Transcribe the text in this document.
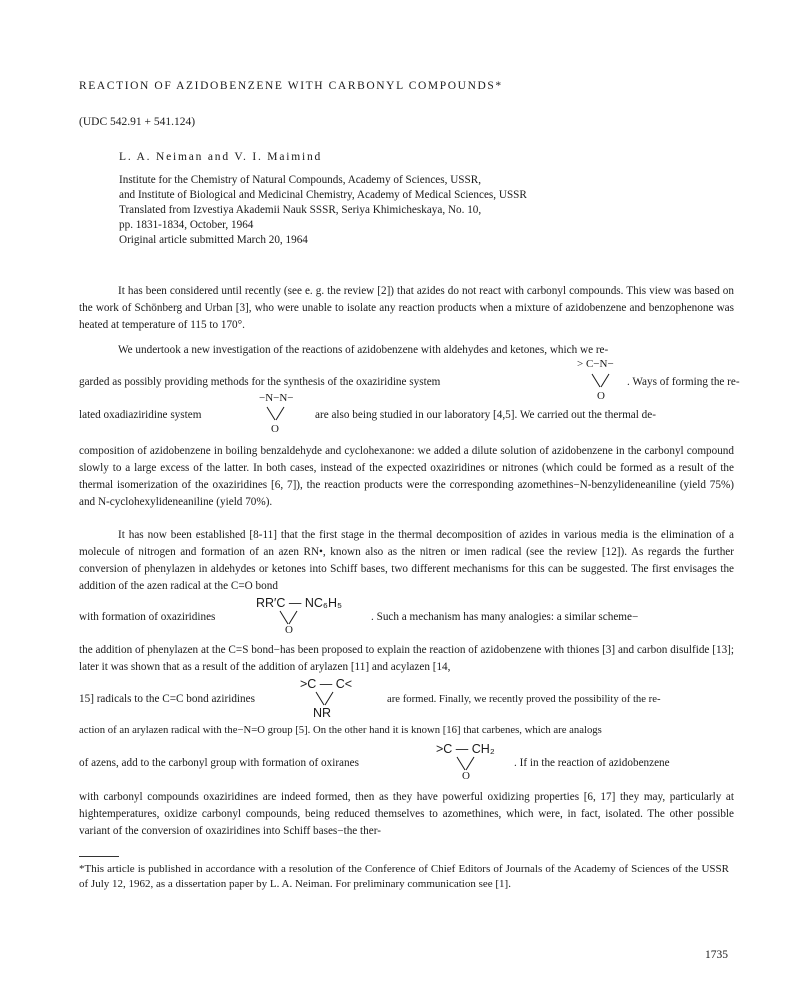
REACTION OF AZIDOBENZENE WITH CARBONYL COMPOUNDS*
(UDC 542.91 + 541.124)
L. A. Neiman and V. I. Maimind
Institute for the Chemistry of Natural Compounds, Academy of Sciences, USSR,
and Institute of Biological and Medicinal Chemistry, Academy of Medical Sciences, USSR
Translated from Izvestiya Akademii Nauk SSSR, Seriya Khimicheskaya, No. 10,
pp. 1831-1834, October, 1964
Original article submitted March 20, 1964
It has been considered until recently (see e. g. the review [2]) that azides do not react with carbonyl compounds. This view was based on the work of Schönberg and Urban [3], who were unable to isolate any reaction products when a mixture of azidobenzene and benzophenone was heated at temperature of 115 to 170°.
We undertook a new investigation of the reactions of azidobenzene with aldehydes and ketones, which we re-
> C−N−
garded as possibly providing methods for the synthesis of the oxaziridine system	. Ways of forming the re-
O
−N−N−
lated oxadiaziridine system	are also being studied in our laboratory [4,5]. We carried out the thermal de-
O
composition of azidobenzene in boiling benzaldehyde and cyclohexanone: we added a dilute solution of azidobenzene in the carbonyl compound slowly to a large excess of the latter. In both cases, instead of the expected oxaziridines or nitrones (which could be formed as a result of the thermal isomerization of the oxaziridines [6, 7]), the reaction products were the corresponding azomethines−N-benzylideneaniline (yield 75%) and N-cyclohexylideneaniline (yield 70%).
It has now been established [8-11] that the first stage in the thermal decomposition of azides in various media is the elimination of a molecule of nitrogen and formation of an azen RN•, known also as the nitren or imen radical (see the review [12]). As regards the further conversion of phenylazen in aldehydes or ketones into Schiff bases, two different mechanisms for this can be suggested. The first envisages the addition of the azen radical at the C=O bond
RR′C — NC₆H₅
with formation of oxaziridines	. Such a mechanism has many analogies: a similar scheme−
O
the addition of phenylazen at the C=S bond−has been proposed to explain the reaction of azidobenzene with thiones [3] and carbon disulfide [13]; later it was shown that as a result of the addition of arylazen [11] and acylazen [14,
>C — C<
15] radicals to the C=C bond aziridines	are formed. Finally, we recently proved the possibility of the re-
NR
action of an arylazen radical with the−N=O group [5]. On the other hand it is known [16] that carbenes, which are analogs
>C — CH₂
of azens, add to the carbonyl group with formation of oxiranes	. If in the reaction of azidobenzene
O
with carbonyl compounds oxaziridines are indeed formed, then as they have powerful oxidizing properties [6, 17] they may, particularly at hightemperatures, oxidize carbonyl compounds, being reduced themselves to azomethines, which were, in fact, isolated. The other possible variant of the conversion of oxaziridines into Schiff bases−the ther-
*This article is published in accordance with a resolution of the Conference of Chief Editors of Journals of the Academy of Sciences of the USSR of July 12, 1962, as a dissertation paper by L. A. Neiman. For preliminary communication see [1].
1735
